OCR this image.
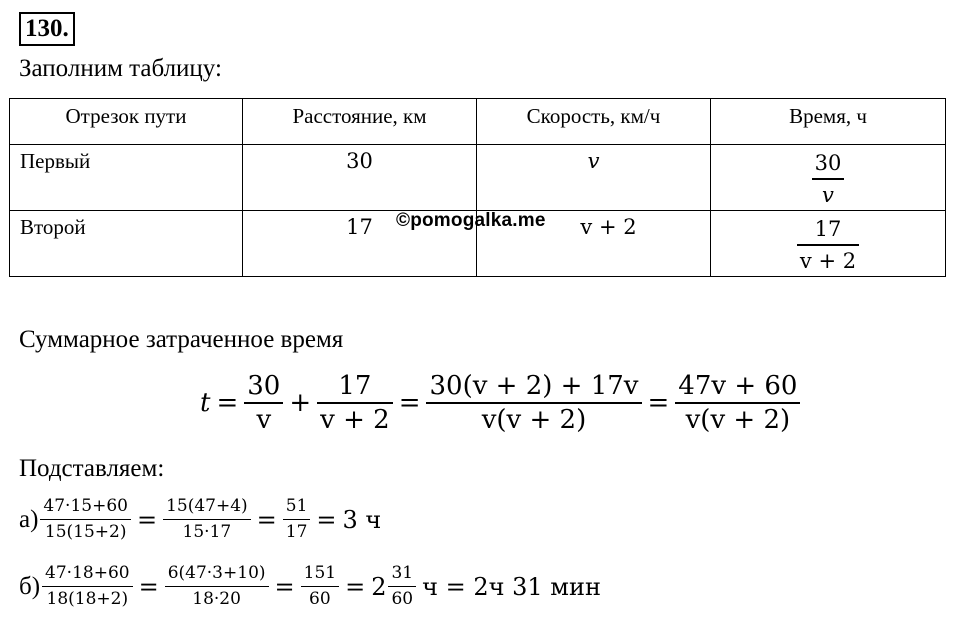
130.
Заполним таблицу:
Отрезок пути	Расстояние, км	Скорость, км/ч	Время, ч
Первый	30	v	$\frac{30}{v}$

Второй	17	v + 2	$\frac{17}{v + 2}$
©pomogalka.me
Суммарное затраченное время
$t = \frac{30}{v} + \frac{17}{v + 2} = \frac{30(v + 2) + 17v}{v(v + 2)} = \frac{47v + 60}{v(v + 2)}$
Подставляем:
$а) \frac{47\cdot 15+60}{15(15+2)} = \frac{15(47+4)}{15\cdot 17} = \frac{51}{17} = 3$ ч
$б) \frac{47\cdot 18+60}{18(18+2)} = \frac{6(47\cdot 3+10)}{18\cdot 20} = \frac{151}{60} = 2 \frac{31}{60}$ ч = 2ч 31 мин
